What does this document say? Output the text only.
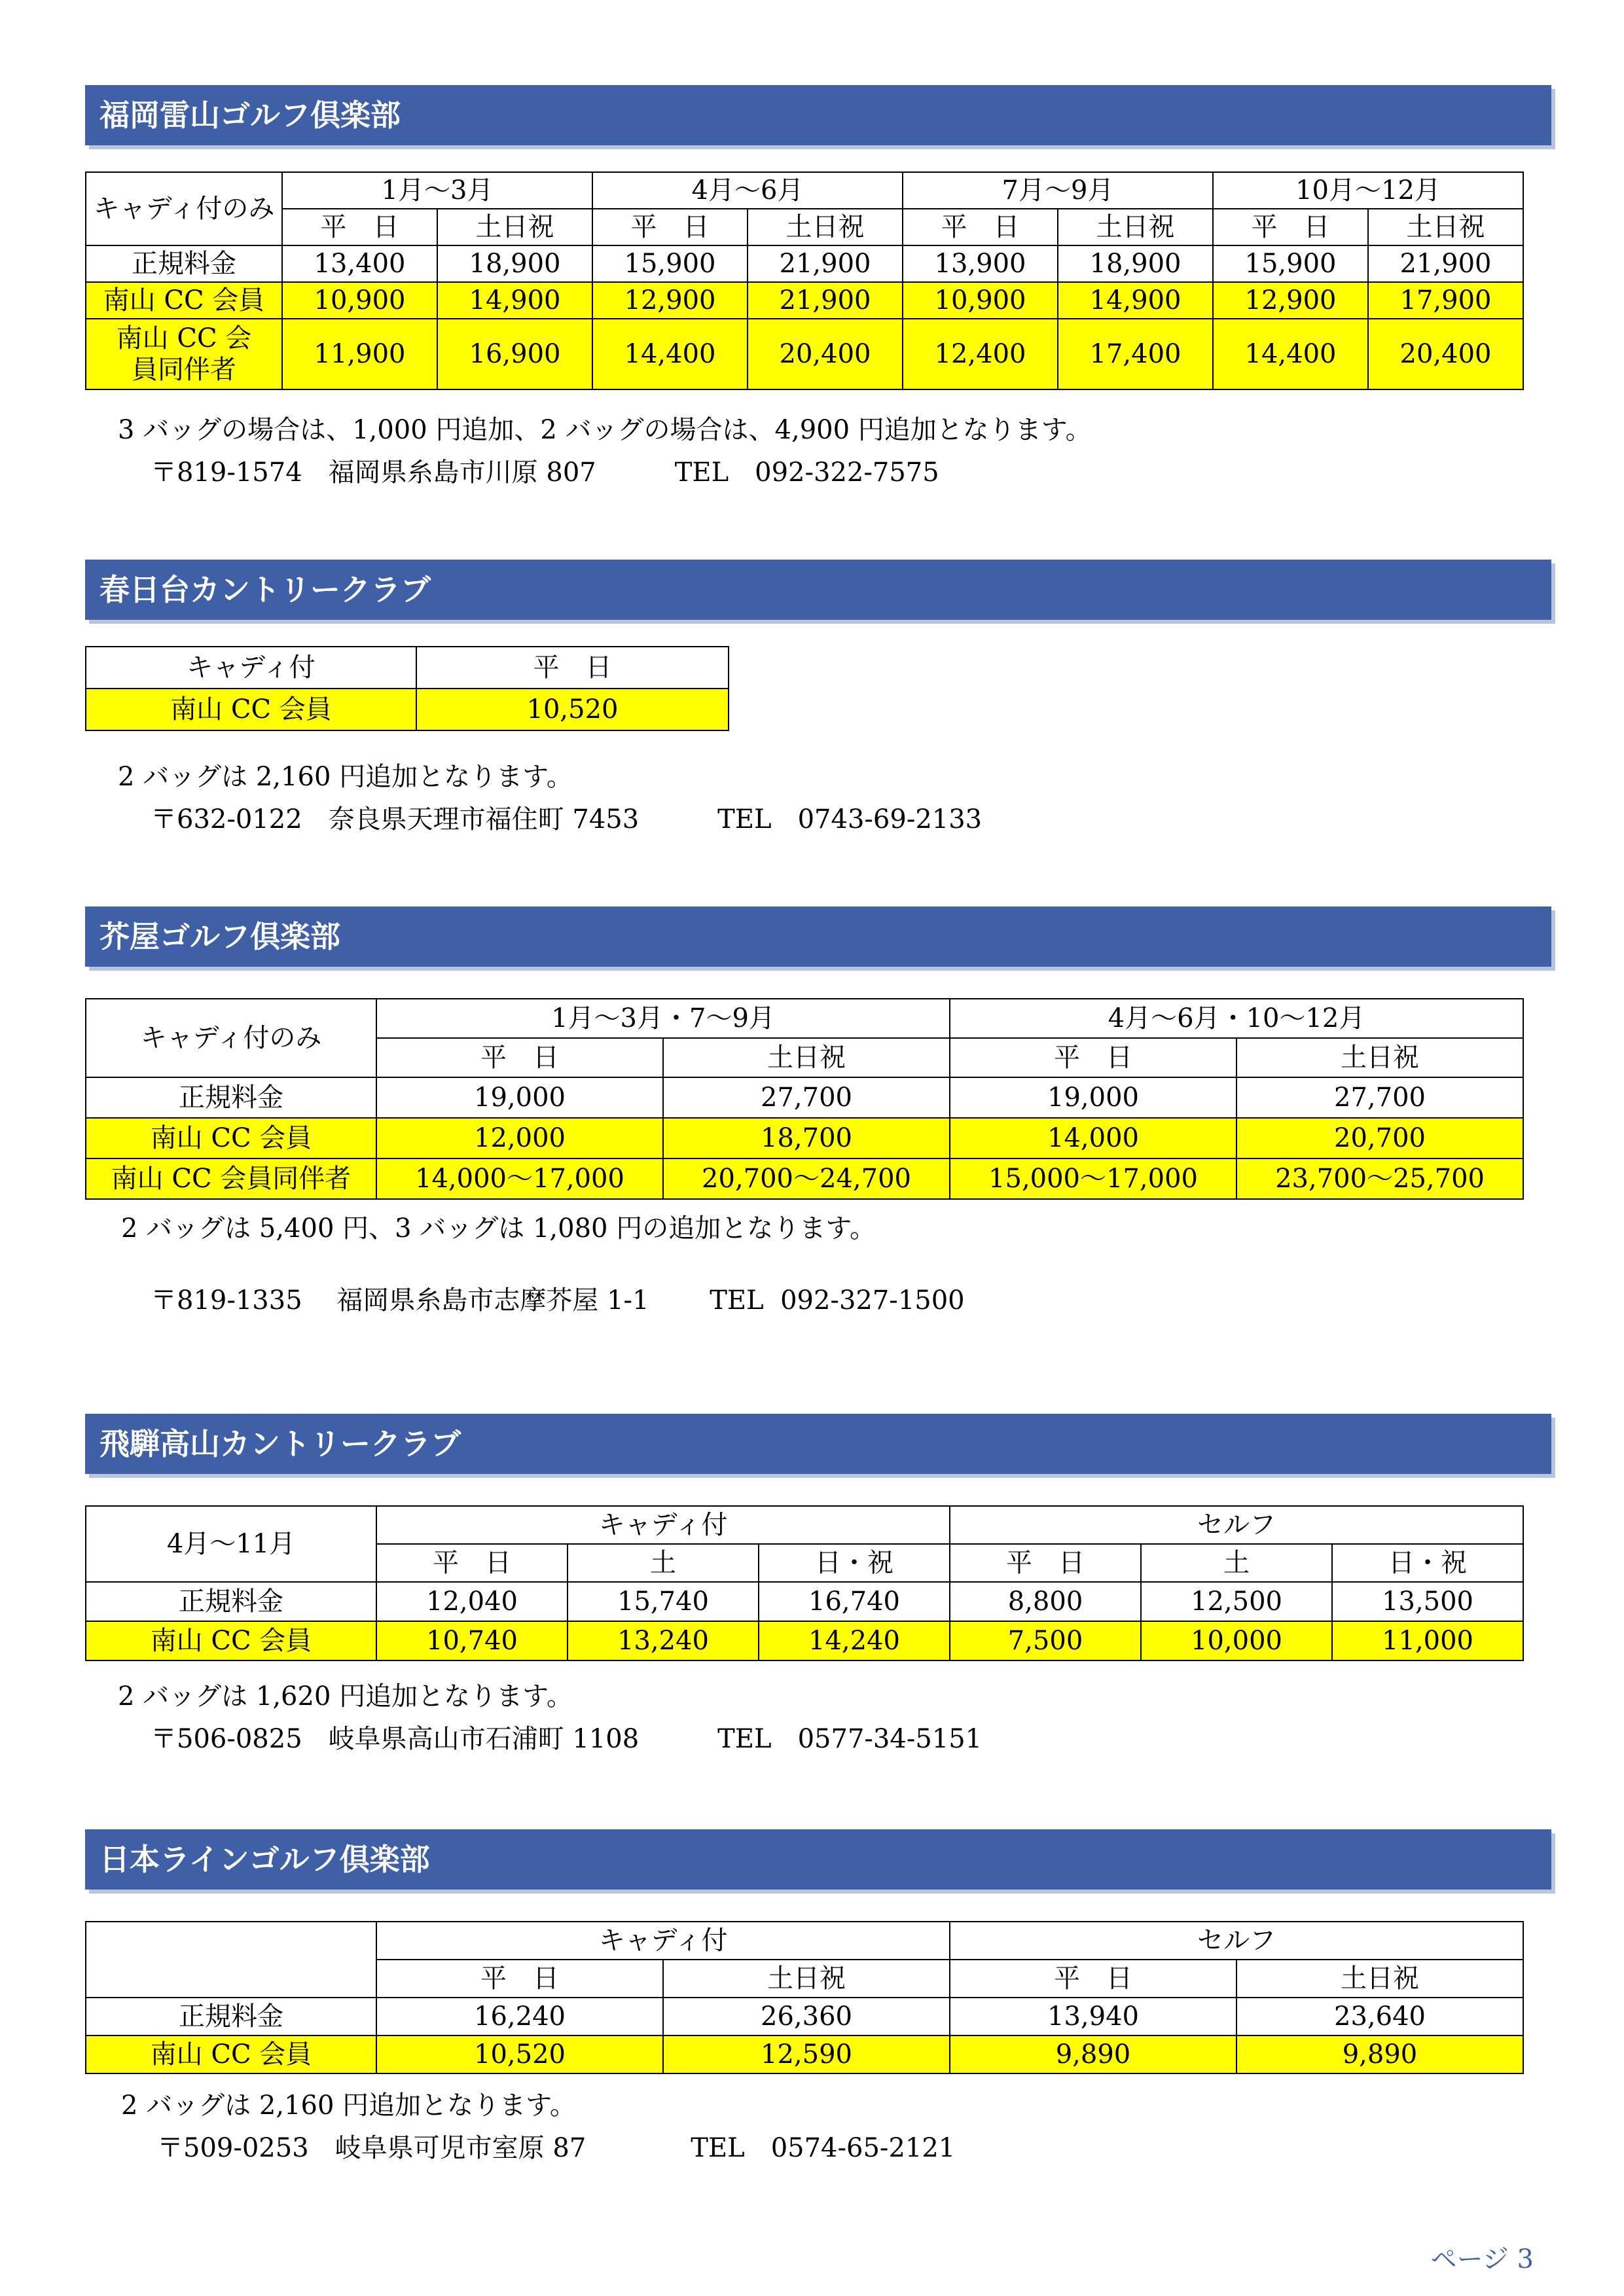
福岡雷山ゴルフ倶楽部
キャディ付のみ	1月～3月		4月～6月		7月～9月		10月～12月	
	平　日	土日祝	平　日	土日祝	平　日	土日祝	平　日	土日祝
正規料金	13,400	18,900	15,900	21,900	13,900	18,900	15,900	21,900
南山 CC 会員	10,900	14,900	12,900	21,900	10,900	14,900	12,900	17,900
南山 CC 会員同伴者	11,900	16,900	14,400	20,400	12,400	17,400	14,400	20,400
3 バッグの場合は、1,000 円追加、2 バッグの場合は、4,900 円追加となります。
〒819-1574　福岡県糸島市川原 807　　　TEL　092-322-7575
春日台カントリークラブ
キャディ付	平　日
南山 CC 会員	10,520
2 バッグは 2,160 円追加となります。
〒632-0122　奈良県天理市福住町 7453　　　TEL　0743-69-2133
芥屋ゴルフ倶楽部
キャディ付のみ	1月～3月・7～9月		4月～6月・10～12月	
	平　日	土日祝	平　日	土日祝
正規料金	19,000	27,700	19,000	27,700
南山 CC 会員	12,000	18,700	14,000	20,700
南山 CC 会員同伴者	14,000～17,000	20,700～24,700	15,000～17,000	23,700～25,700
2 バッグは 5,400 円、3 バッグは 1,080 円の追加となります。
〒819-1335　 福岡県糸島市志摩芥屋 1-1　　 TEL  092-327-1500
飛騨高山カントリークラブ
4月～11月	キャディ付			セルフ		
	平　日	土	日・祝	平　日	土	日・祝
正規料金	12,040	15,740	16,740	8,800	12,500	13,500
南山 CC 会員	10,740	13,240	14,240	7,500	10,000	11,000
2 バッグは 1,620 円追加となります。
〒506-0825　岐阜県高山市石浦町 1108　　　TEL　0577-34-5151
日本ラインゴルフ倶楽部
	キャディ付		セルフ	
	平　日	土日祝	平　日	土日祝
正規料金	16,240	26,360	13,940	23,640
南山 CC 会員	10,520	12,590	9,890	9,890
2 バッグは 2,160 円追加となります。
〒509-0253　岐阜県可児市室原 87　　　　TEL　0574-65-2121
ページ 3
